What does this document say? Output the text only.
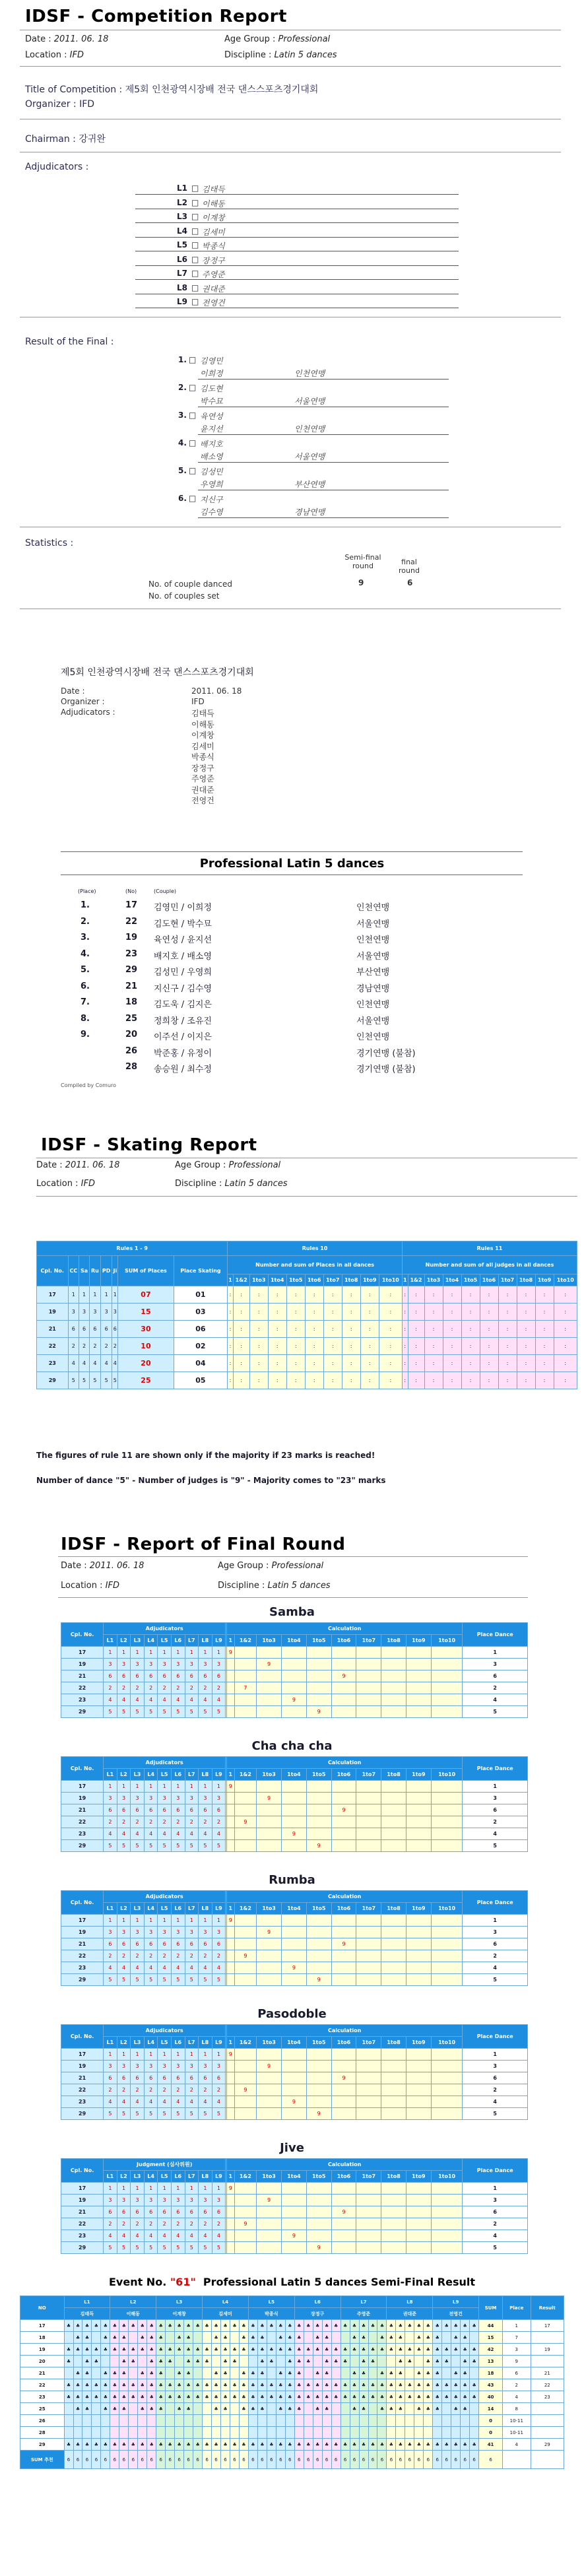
IDSF - Competition Report
Date : 2011. 06. 18	Age Group : Professional
Location : IFD	Discipline : Latin 5 dances
Title of Competition : 제5회 인천광역시장배 전국 댄스스포츠경기대회
Organizer : IFD
Chairman : 강귀완
Adjudicators :
L1 □ 김태득
L2 □ 이해동
L3 □ 이계창
L4 □ 김세미
L5 □ 박종식
L6 □ 장정구
L7 □ 주영준
L8 □ 권대준
L9 □ 전영건
Result of the Final :
1. □ 김영민
이희정	인천연맹
2. □ 김도현
박수묘	서울연맹
3. □ 육연성
윤지선	인천연맹
4. □ 배지호
배소영	서울연맹
5. □ 김성민
우영희	부산연맹
6. □ 지신구
김수영	경남연맹
Statistics :
Semi-final round	final round
No. of couple danced	9	6
No. of couples set
제5회 인천광역시장배 전국 댄스스포츠경기대회
Date :	2011. 06. 18
Organizer :	IFD
Adjudicators :	김태득
이해동
이계창
김세미
박종식
장정구
주영준
권대준
전영건
Professional Latin 5 dances
(Place)	(No)	(Couple)
1.	17 김영민 / 이희정	인천연맹
2.	22 김도현 / 박수묘	서울연맹
3.	19 육연성 / 윤지선	인천연맹
4.	23 배지호 / 배소영	서울연맹
5.	29 김성민 / 우영희	부산연맹
6.	21 지신구 / 김수영	경남연맹
7.	18 김도욱 / 김지은	인천연맹
8.	25 정희창 / 조유진	서울연맹
9.	20 이주선 / 이지은	인천연맹
26 박준홍 / 유정이	경기연맹 (불참)
28 송승원 / 최수정	경기연맹 (불참)
Compiled by Comuro
IDSF - Skating Report
Date : 2011. 06. 18	Age Group : Professional
Location : IFD	Discipline : Latin 5 dances
Rules 1 - 9								Rules 10										Rules 11									
Cpl. No.	CC	Sa	Ru	PD	Ji	SUM of Places	Place Skating	Number and sum of Places in all dances										Number and sum of all judges in all dances									
								1	1&2	1to3	1to4	1to5	1to6	1to7	1to8	1to9	1to10	1	1&2	1to3	1to4	1to5	1to6	1to7	1to8	1to9	1to10
17	1	1	1	1	1	07	01	:	:	:	:	:	:	:	:	:	:	:	:	:	:	:	:	:	:	:	:
19	3	3	3	3	3	15	03	:	:	:	:	:	:	:	:	:	:	:	:	:	:	:	:	:	:	:	:
21	6	6	6	6	6	30	06	:	:	:	:	:	:	:	:	:	:	:	:	:	:	:	:	:	:	:	:
22	2	2	2	2	2	10	02	:	:	:	:	:	:	:	:	:	:	:	:	:	:	:	:	:	:	:	:
23	4	4	4	4	4	20	04	:	:	:	:	:	:	:	:	:	:	:	:	:	:	:	:	:	:	:	:
29	5	5	5	5	5	25	05	:	:	:	:	:	:	:	:	:	:	:	:	:	:	:	:	:	:	:	:
The figures of rule 11 are shown only if the majority if 23 marks is reached!
Number of dance "5" - Number of judges is "9" - Majority comes to "23" marks
IDSF - Report of Final Round
Date : 2011. 06. 18	Age Group : Professional
Location : IFD	Discipline : Latin 5 dances
Samba
Cpl. No.	Adjudicators										Calculation										Place Dance
	L1	L2	L3	L4	L5	L6	L7	L8	L9		1	1&2	1to3	1to4	1to5	1to6	1to7	1to8	1to9	1to10	
17	1	1	1	1	1	1	1	1	1		9										1
19	3	3	3	3	3	3	3	3	3				9								3
21	6	6	6	6	6	6	6	6	6							9					6
22	2	2	2	2	2	2	2	2	2			7									2
23	4	4	4	4	4	4	4	4	4					9							4
29	5	5	5	5	5	5	5	5	5						9						5
Cha cha cha
Cpl. No.	Adjudicators										Calculation										Place Dance
	L1	L2	L3	L4	L5	L6	L7	L8	L9		1	1&2	1to3	1to4	1to5	1to6	1to7	1to8	1to9	1to10	
17	1	1	1	1	1	1	1	1	1		9										1
19	3	3	3	3	3	3	3	3	3				9								3
21	6	6	6	6	6	6	6	6	6							9					6
22	2	2	2	2	2	2	2	2	2			9									2
23	4	4	4	4	4	4	4	4	4					9							4
29	5	5	5	5	5	5	5	5	5						9						5
Rumba
Cpl. No.	Adjudicators										Calculation										Place Dance
	L1	L2	L3	L4	L5	L6	L7	L8	L9		1	1&2	1to3	1to4	1to5	1to6	1to7	1to8	1to9	1to10	
17	1	1	1	1	1	1	1	1	1		9										1
19	3	3	3	3	3	3	3	3	3				9								3
21	6	6	6	6	6	6	6	6	6							9					6
22	2	2	2	2	2	2	2	2	2			9									2
23	4	4	4	4	4	4	4	4	4					9							4
29	5	5	5	5	5	5	5	5	5						9						5
Pasodoble
Cpl. No.	Adjudicators										Calculation										Place Dance
	L1	L2	L3	L4	L5	L6	L7	L8	L9		1	1&2	1to3	1to4	1to5	1to6	1to7	1to8	1to9	1to10	
17	1	1	1	1	1	1	1	1	1		9										1
19	3	3	3	3	3	3	3	3	3				9								3
21	6	6	6	6	6	6	6	6	6							9					6
22	2	2	2	2	2	2	2	2	2			9									2
23	4	4	4	4	4	4	4	4	4					9							4
29	5	5	5	5	5	5	5	5	5						9						5
Jive
Cpl. No.	Judgment (심사위원)										Calculation										Place Dance
	L1	L2	L3	L4	L5	L6	L7	L8	L9		1	1&2	1to3	1to4	1to5	1to6	1to7	1to8	1to9	1to10	
17	1	1	1	1	1	1	1	1	1		9										1
19	3	3	3	3	3	3	3	3	3				9								3
21	6	6	6	6	6	6	6	6	6							9					6
22	2	2	2	2	2	2	2	2	2			9									2
23	4	4	4	4	4	4	4	4	4					9							4
29	5	5	5	5	5	5	5	5	5						9						5
Event No. "61" Professional Latin 5 dances Semi-Final Result
NO	L1					L2					L3					L4					L5					L6					L7					L8					L9					SUM	Place	Result
	김태득					이해동					이계창					김세미					박종식					장정구					주영준					권대준					전영건							
17	♣	♣	♣	♣	♣	♣	♣	♣	♣	♣	♣	♣	♣	♣	♣	♣	♣	♣	♣	♣	♣	♣	♣	♣	♣	♣	♣	♣	♣	♣	♣	♣	♣	♣	♣	♣	♣	♣	♣	♣	♣	♣	♣	♣	♣	44	1	17
18		♣	♣		♣	♣	♣		♣	♣	♣		♣	♣			♣	♣		♣	♣	♣		♣	♣	♣		♣	♣			♣	♣		♣	♣	♣		♣	♣	♣		♣	♣		15	7	
19	♣	♣	♣	♣	♣	♣	♣	♣	♣	♣	♣	♣	♣	♣	♣	♣	♣	♣	♣	♣	♣	♣	♣	♣	♣	♣	♣	♣	♣	♣	♣	♣	♣	♣	♣	♣	♣	♣	♣	♣	♣	♣	♣	♣	♣	42	3	19
20	♣		♣	♣			♣	♣		♣	♣	♣		♣	♣	♣		♣	♣			♣	♣		♣	♣	♣		♣	♣	♣		♣	♣			♣	♣		♣	♣	♣		♣	♣	13	9	
21		♣	♣		♣	♣	♣		♣	♣	♣		♣	♣			♣	♣		♣	♣	♣		♣	♣	♣		♣	♣			♣	♣		♣	♣	♣		♣	♣	♣		♣	♣		18	6	21
22	♣	♣	♣	♣	♣	♣	♣	♣	♣	♣	♣	♣	♣	♣	♣	♣	♣	♣	♣	♣	♣	♣	♣	♣	♣	♣	♣	♣	♣	♣	♣	♣	♣	♣	♣	♣	♣	♣	♣	♣	♣	♣	♣	♣	♣	43	2	22
23	♣	♣	♣	♣	♣	♣	♣	♣	♣	♣	♣	♣	♣	♣	♣	♣	♣	♣	♣	♣	♣	♣	♣	♣	♣	♣	♣	♣	♣	♣	♣	♣	♣	♣	♣	♣	♣	♣	♣	♣	♣	♣	♣	♣	♣	40	4	23
25		♣	♣		♣	♣	♣		♣	♣	♣		♣	♣			♣	♣		♣	♣	♣		♣	♣	♣		♣	♣			♣	♣		♣	♣	♣		♣	♣	♣		♣	♣		14	8	
26																																														0	10-11	
28																																														0	10-11	
29	♣	♣	♣	♣	♣	♣	♣	♣	♣	♣	♣	♣	♣	♣	♣	♣	♣	♣	♣	♣	♣	♣	♣	♣	♣	♣	♣	♣	♣	♣	♣	♣	♣	♣	♣	♣	♣	♣	♣	♣	♣	♣	♣	♣	♣	41	4	29
SUM 추천	6	6	6	6	6	6	6	6	6	6	6	6	6	6	6	6	6	6	6	6	6	6	6	6	6	6	6	6	6	6	6	6	6	6	6	6	6	6	6	6	6	6	6	6	6	6		
